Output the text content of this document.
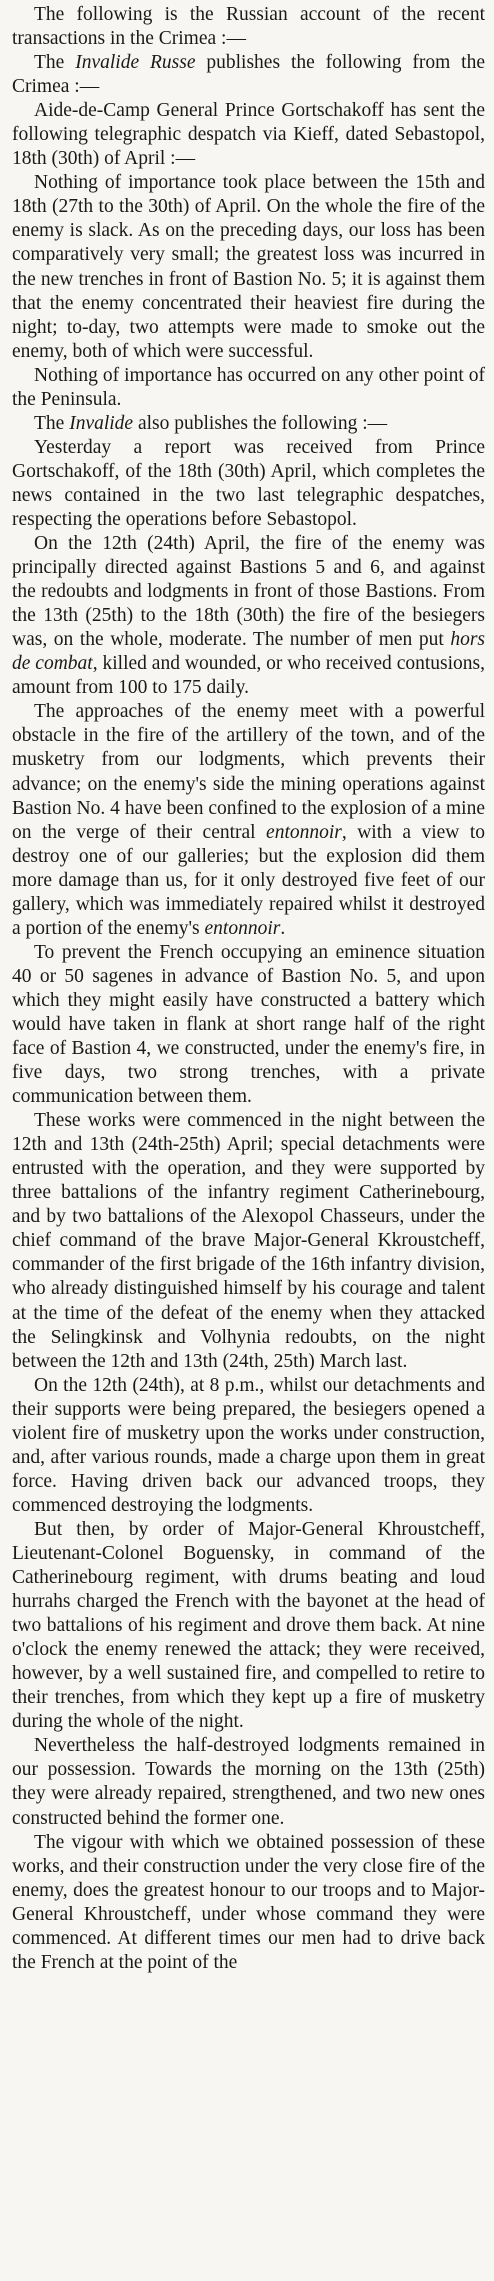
The following is the Russian account of the recent transactions in the Crimea :—

The Invalide Russe publishes the following from the Crimea :—

Aide-de-Camp General Prince Gortschakoff has sent the following telegraphic despatch via Kieff, dated Sebastopol, 18th (30th) of April :—

Nothing of importance took place between the 15th and 18th (27th to the 30th) of April. On the whole the fire of the enemy is slack. As on the preceding days, our loss has been comparatively very small; the greatest loss was incurred in the new trenches in front of Bastion No. 5; it is against them that the enemy concentrated their heaviest fire during the night; to-day, two attempts were made to smoke out the enemy, both of which were successful.

Nothing of importance has occurred on any other point of the Peninsula.

The Invalide also publishes the following :—

Yesterday a report was received from Prince Gortschakoff, of the 18th (30th) April, which completes the news contained in the two last telegraphic despatches, respecting the operations before Sebastopol.

On the 12th (24th) April, the fire of the enemy was principally directed against Bastions 5 and 6, and against the redoubts and lodgments in front of those Bastions. From the 13th (25th) to the 18th (30th) the fire of the besiegers was, on the whole, moderate. The number of men put hors de combat, killed and wounded, or who received contusions, amount from 100 to 175 daily.

The approaches of the enemy meet with a powerful obstacle in the fire of the artillery of the town, and of the musketry from our lodgments, which prevents their advance; on the enemy's side the mining operations against Bastion No. 4 have been confined to the explosion of a mine on the verge of their central entonnoir, with a view to destroy one of our galleries; but the explosion did them more damage than us, for it only destroyed five feet of our gallery, which was immediately repaired whilst it destroyed a portion of the enemy's entonnoir.

To prevent the French occupying an eminence situation 40 or 50 sagenes in advance of Bastion No. 5, and upon which they might easily have constructed a battery which would have taken in flank at short range half of the right face of Bastion 4, we constructed, under the enemy's fire, in five days, two strong trenches, with a private communication between them.

These works were commenced in the night between the 12th and 13th (24th-25th) April; special detachments were entrusted with the operation, and they were supported by three battalions of the infantry regiment Catherinebourg, and by two battalions of the Alexopol Chasseurs, under the chief command of the brave Major-General Kkroustcheff, commander of the first brigade of the 16th infantry division, who already distinguished himself by his courage and talent at the time of the defeat of the enemy when they attacked the Selingkinsk and Volhynia redoubts, on the night between the 12th and 13th (24th, 25th) March last.

On the 12th (24th), at 8 p.m., whilst our detachments and their supports were being prepared, the besiegers opened a violent fire of musketry upon the works under construction, and, after various rounds, made a charge upon them in great force. Having driven back our advanced troops, they commenced destroying the lodgments.

But then, by order of Major-General Khroustcheff, Lieutenant-Colonel Boguensky, in command of the Catherinebourg regiment, with drums beating and loud hurrahs charged the French with the bayonet at the head of two battalions of his regiment and drove them back. At nine o'clock the enemy renewed the attack; they were received, however, by a well sustained fire, and compelled to retire to their trenches, from which they kept up a fire of musketry during the whole of the night.

Nevertheless the half-destroyed lodgments remained in our possession. Towards the morning on the 13th (25th) they were already repaired, strengthened, and two new ones constructed behind the former one.

The vigour with which we obtained possession of these works, and their construction under the very close fire of the enemy, does the greatest honour to our troops and to Major-General Khroustcheff, under whose command they were commenced. At different times our men had to drive back the French at the point of the
